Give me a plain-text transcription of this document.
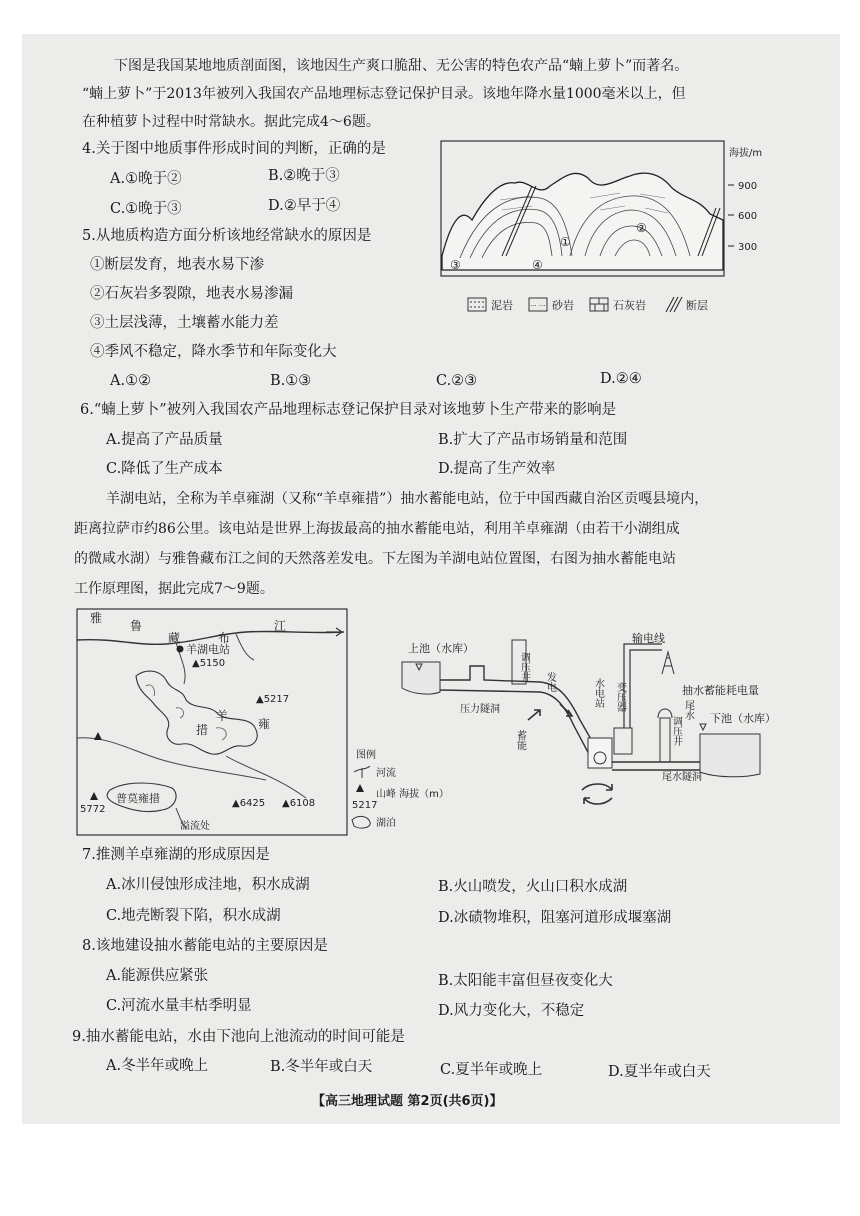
下图是我国某地地质剖面图，该地因生产爽口脆甜、无公害的特色农产品“蝻上萝卜”而著名。
“蝻上萝卜”于2013年被列入我国农产品地理标志登记保护目录。该地年降水量1000毫米以上，但
在种植萝卜过程中时常缺水。据此完成4～6题。
4.关于图中地质事件形成时间的判断，正确的是
A.①晚于②	B.②晚于③
C.①晚于③	D.②早于④
①
②
③	④
海拔/m
900
600
300
泥岩 ··· ··· 砂岩	石灰岩	断层
5.从地质构造方面分析该地经常缺水的原因是
①断层发育，地表水易下渗
②石灰岩多裂隙，地表水易渗漏
③土层浅薄，土壤蓄水能力差
④季风不稳定，降水季节和年际变化大
A.①②	B.①③	C.②③	D.②④
6.“蝻上萝卜”被列入我国农产品地理标志登记保护目录对该地萝卜生产带来的影响是
A.提高了产品质量	B.扩大了产品市场销量和范围
C.降低了生产成本	D.提高了生产效率
羊湖电站，全称为羊卓雍湖（又称“羊卓雍措”）抽水蓄能电站，位于中国西藏自治区贡嘎县境内，
距离拉萨市约86公里。该电站是世界上海拔最高的抽水蓄能电站，利用羊卓雍湖（由若干小湖组成
的微咸水湖）与雅鲁藏布江之间的天然落差发电。下左图为羊湖电站位置图，右图为抽水蓄能电站
工作原理图，据此完成7～9题。
雅
鲁
藏	布
江
羊湖电站
▲5150
▲5217
雍
羊
措
普莫雍措
5772
溢流处
▲6425 ▲6108
图例
河流
山峰 海拔（m）
5217
湖泊
上池（水库）
压力隧洞
调压井 发电
蓄能
水电站 变压器
输电线
抽水蓄能耗电量
尾水隧洞
调压井
尾水 下池（水库）
7.推测羊卓雍湖的形成原因是
A.冰川侵蚀形成洼地，积水成湖	B.火山喷发，火山口积水成湖
C.地壳断裂下陷，积水成湖	D.冰碛物堆积，阻塞河道形成堰塞湖
8.该地建设抽水蓄能电站的主要原因是
A.能源供应紧张	B.太阳能丰富但昼夜变化大
C.河流水量丰枯季明显	D.风力变化大，不稳定
9.抽水蓄能电站，水由下池向上池流动的时间可能是
A.冬半年或晚上	B.冬半年或白天	C.夏半年或晚上	D.夏半年或白天
【高三地理试题 第2页(共6页)】
